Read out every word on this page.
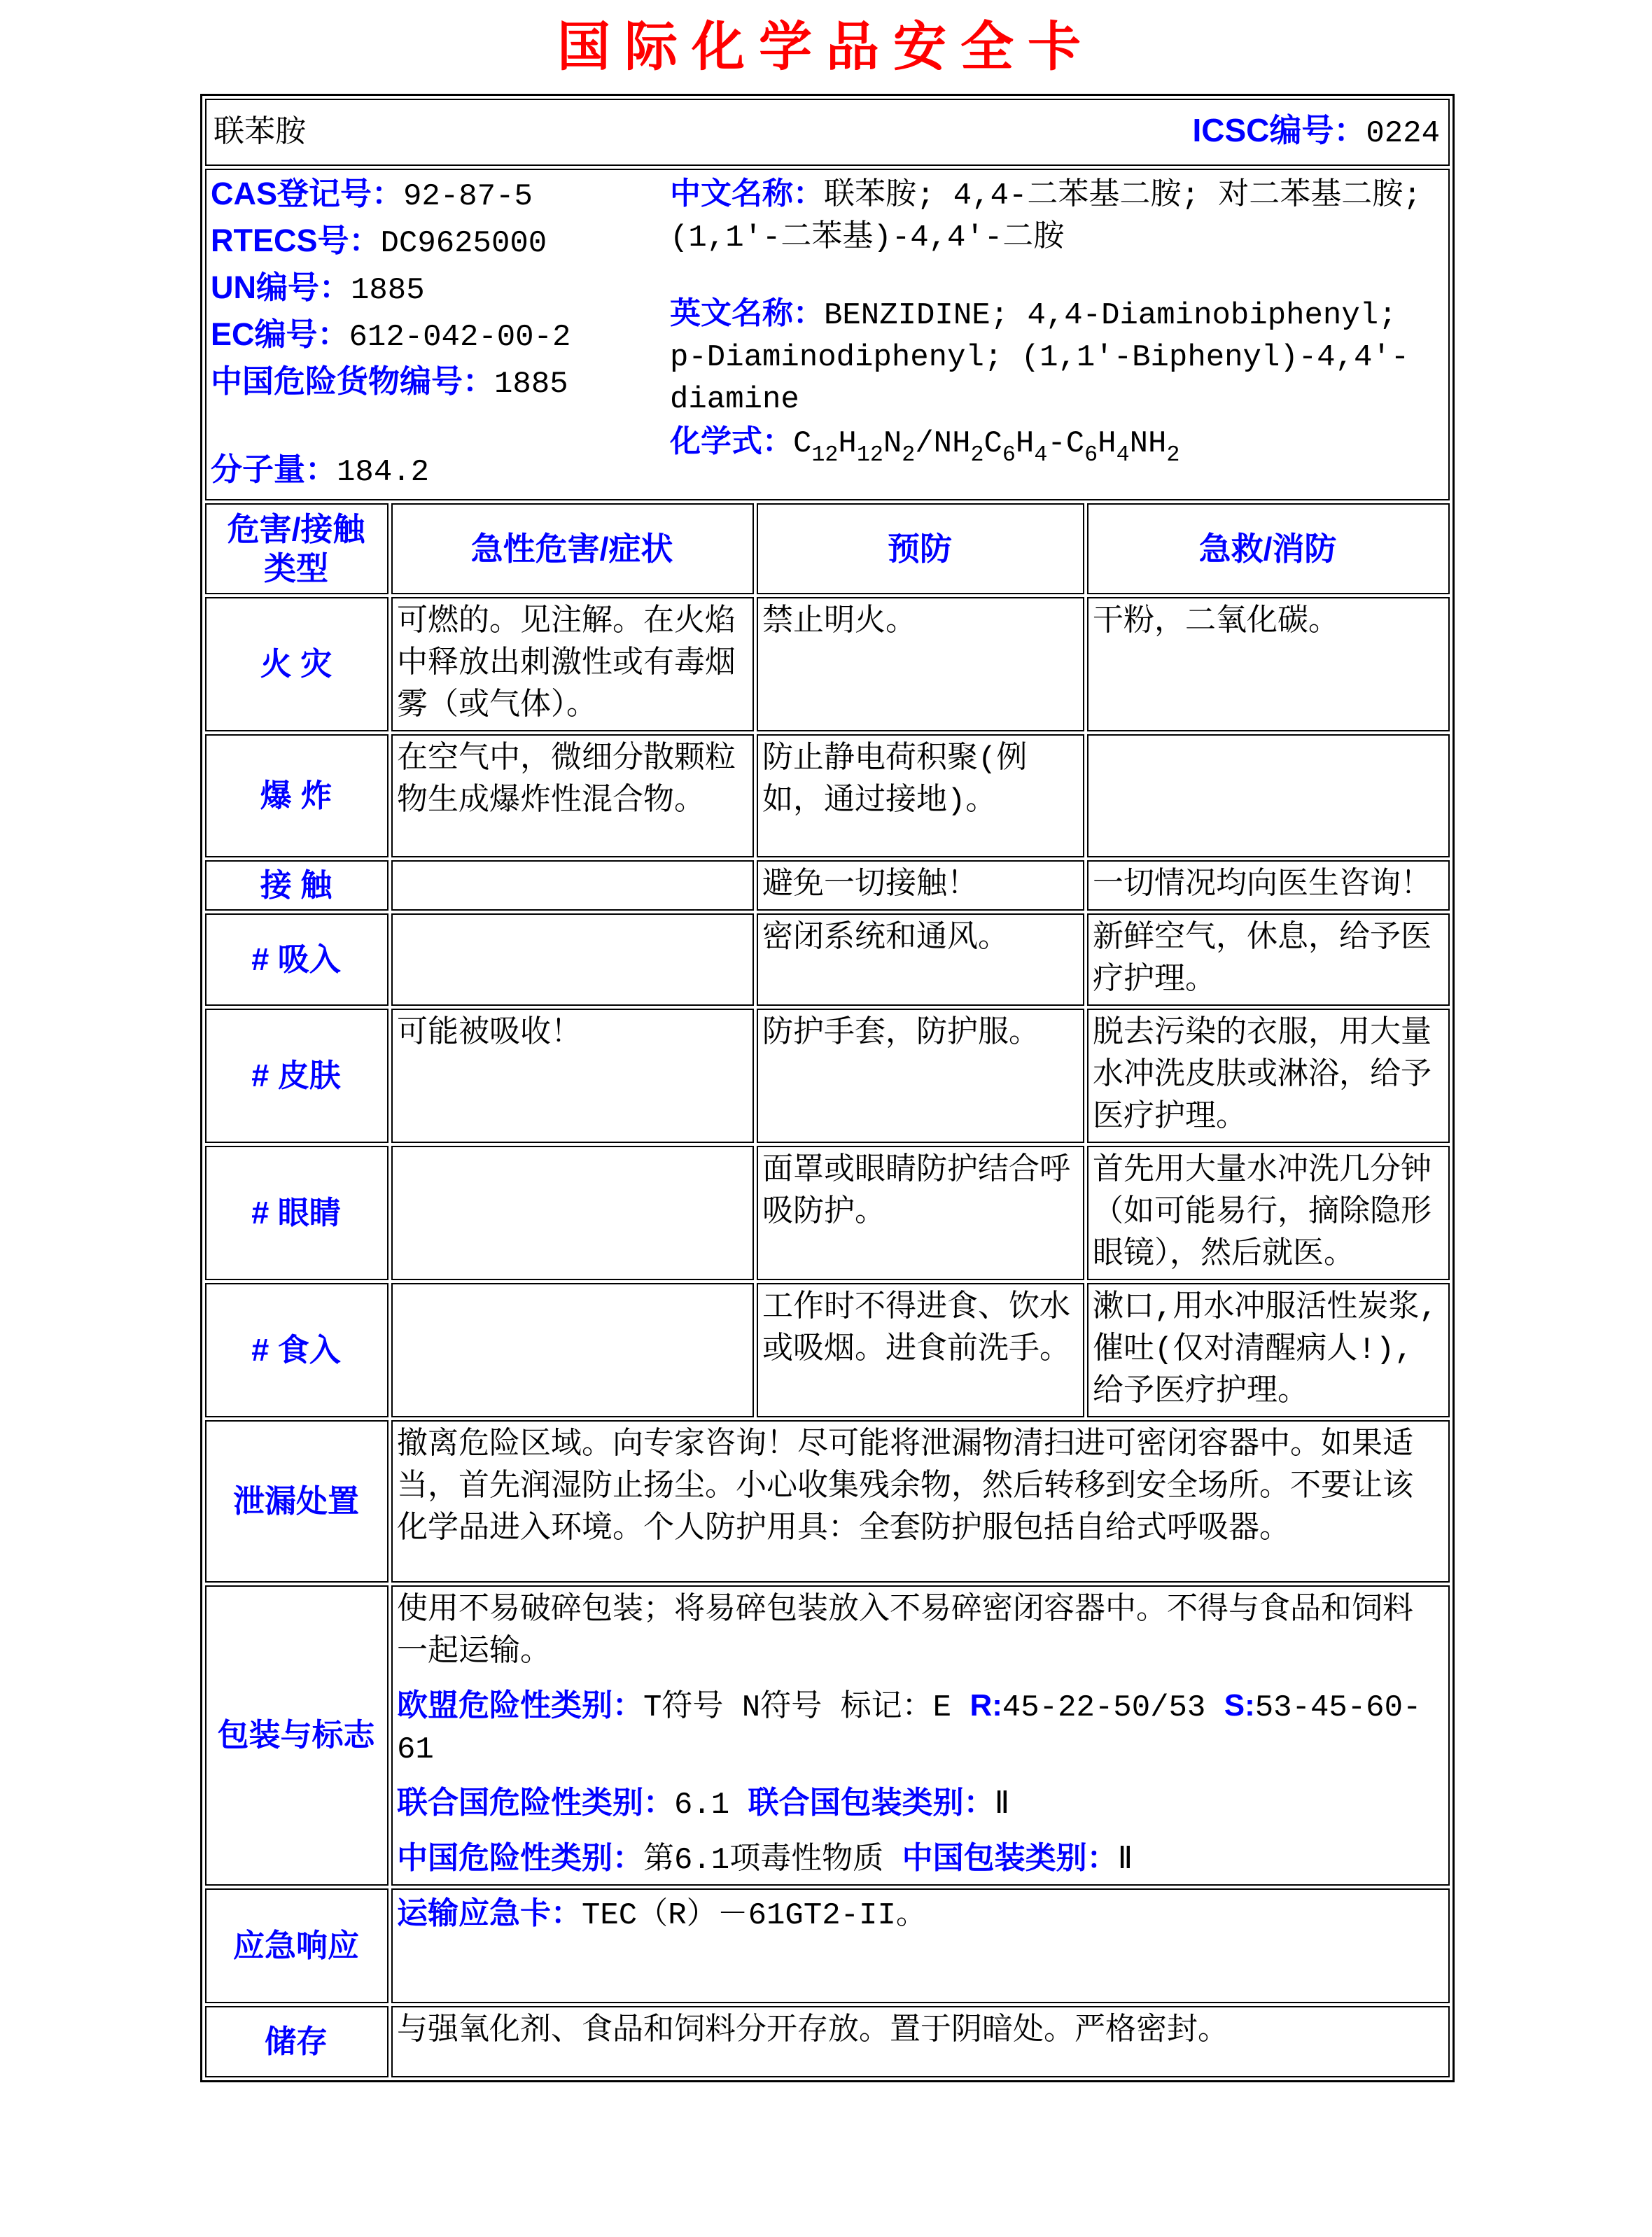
国际化学品安全卡
联苯胺 ICSC编号：0224			

CAS登记号：92-87-5

RTECS号：DC9625000

UN编号：1885

EC编号：612-042-00-2

中国危险货物编号：1885

分子量：184.2

中文名称：联苯胺; 4,4-二苯基二胺; 对二苯基二胺; (1,1'-二苯基)-4,4'-二胺

英文名称：BENZIDINE; 4,4-Diaminobiphenyl; p-Diaminodiphenyl; (1,1'-Biphenyl)-4,4'-diamine

化学式：$C_{12}H_{12}N_2/NH_2C_6H_4-C_6H_4NH_2$

危害/接触
类型	急性危害/症状	预防	急救/消防

火 灾	可燃的。见注解。在火焰中释放出刺激性或有毒烟雾（或气体）。	禁止明火。	干粉，二氧化碳。
爆 炸	在空气中，微细分散颗粒物生成爆炸性混合物。	防止静电荷积聚(例如，通过接地)。	
接 触		避免一切接触！	一切情况均向医生咨询！
# 吸入		密闭系统和通风。	新鲜空气，休息，给予医疗护理。
# 皮肤	可能被吸收！	防护手套，防护服。	脱去污染的衣服，用大量水冲洗皮肤或淋浴，给予医疗护理。
# 眼睛		面罩或眼睛防护结合呼吸防护。	首先用大量水冲洗几分钟（如可能易行，摘除隐形眼镜），然后就医。
# 食入		工作时不得进食、饮水或吸烟。进食前洗手。	漱口,用水冲服活性炭浆,催吐(仅对清醒病人!),给予医疗护理。
泄漏处置	撤离危险区域。向专家咨询！尽可能将泄漏物清扫进可密闭容器中。如果适当，首先润湿防止扬尘。小心收集残余物，然后转移到安全场所。不要让该化学品进入环境。个人防护用具：全套防护服包括自给式呼吸器。		

包装与标志	使用不易破碎包装；将易碎包装放入不易碎密闭容器中。不得与食品和饲料一起运输。
欧盟危险性类别：T符号 N符号 标记：E R:45-22-50/53 S:53-45-60-61
联合国危险性类别：6.1 联合国包装类别：Ⅱ
中国危险性类别：第6.1项毒性物质 中国包装类别：Ⅱ		

应急响应	运输应急卡：TEC（R）－61GT2-II。		

储存	与强氧化剂、食品和饲料分开存放。置于阴暗处。严格密封。		
